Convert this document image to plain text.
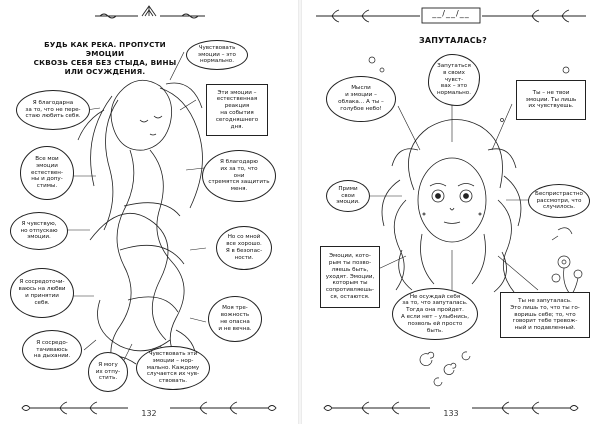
БУДЬ КАК РЕКА. ПРОПУСТИ ЭМОЦИИ
СКВОЗЬ СЕБЯ БЕЗ СТЫДА, ВИНЫ
ИЛИ ОСУЖДЕНИЯ.
Я благодарна
за то, что не пере-
стаю любить себя.
Все мои
эмоции
естествен-
ны и допу-
стимы.
Я чувствую,
но отпускаю
эмоции.
Я сосредоточи-
ваюсь на любви
и принятии
себя.
Я сосредо-
тачиваюсь
на дыхании.
Я могу
их отпу-
стить.
Чувствовать
эмоции – это
нормально.
Эти эмоции –
естественная
реакция
на события
сегодняшнего
дня.
Я благодарю
их за то, что
они
стремятся защитить
меня.
Но со мной
все хорошо.
Я в безопас-
ности.
Моя тре-
вожность
не опасна
и не вечна.
Чувствовать эти
эмоции – нор-
мально. Каждому
случается их чув-
ствовать.
132
__/__/__
ЗАПУТАЛАСЬ?
Мысли
и эмоции –
облака... А ты –
голубое небо!
Запутаться
в своих
чувст-
вах – это
нормально.	Ты – не твои
эмоции. Ты лишь
их чувствуешь.
Прими свои
эмоции.
Беспристрастно
рассмотри, что
случилось.
Эмоции, кото-
рым ты позво-
ляешь быть,
уходят. Эмоции,
которым ты
сопротивляешь-
ся, остаются.	Не осуждай себя
за то, что запуталась.
Тогда она пройдет.
А если нет – улыбнись,
позволь ей просто
быть.
Ты не запуталась.
Это лишь то, что ты го-
воришь себе; то, что
говорит тебе тревож-
ный и подавленный.
133
